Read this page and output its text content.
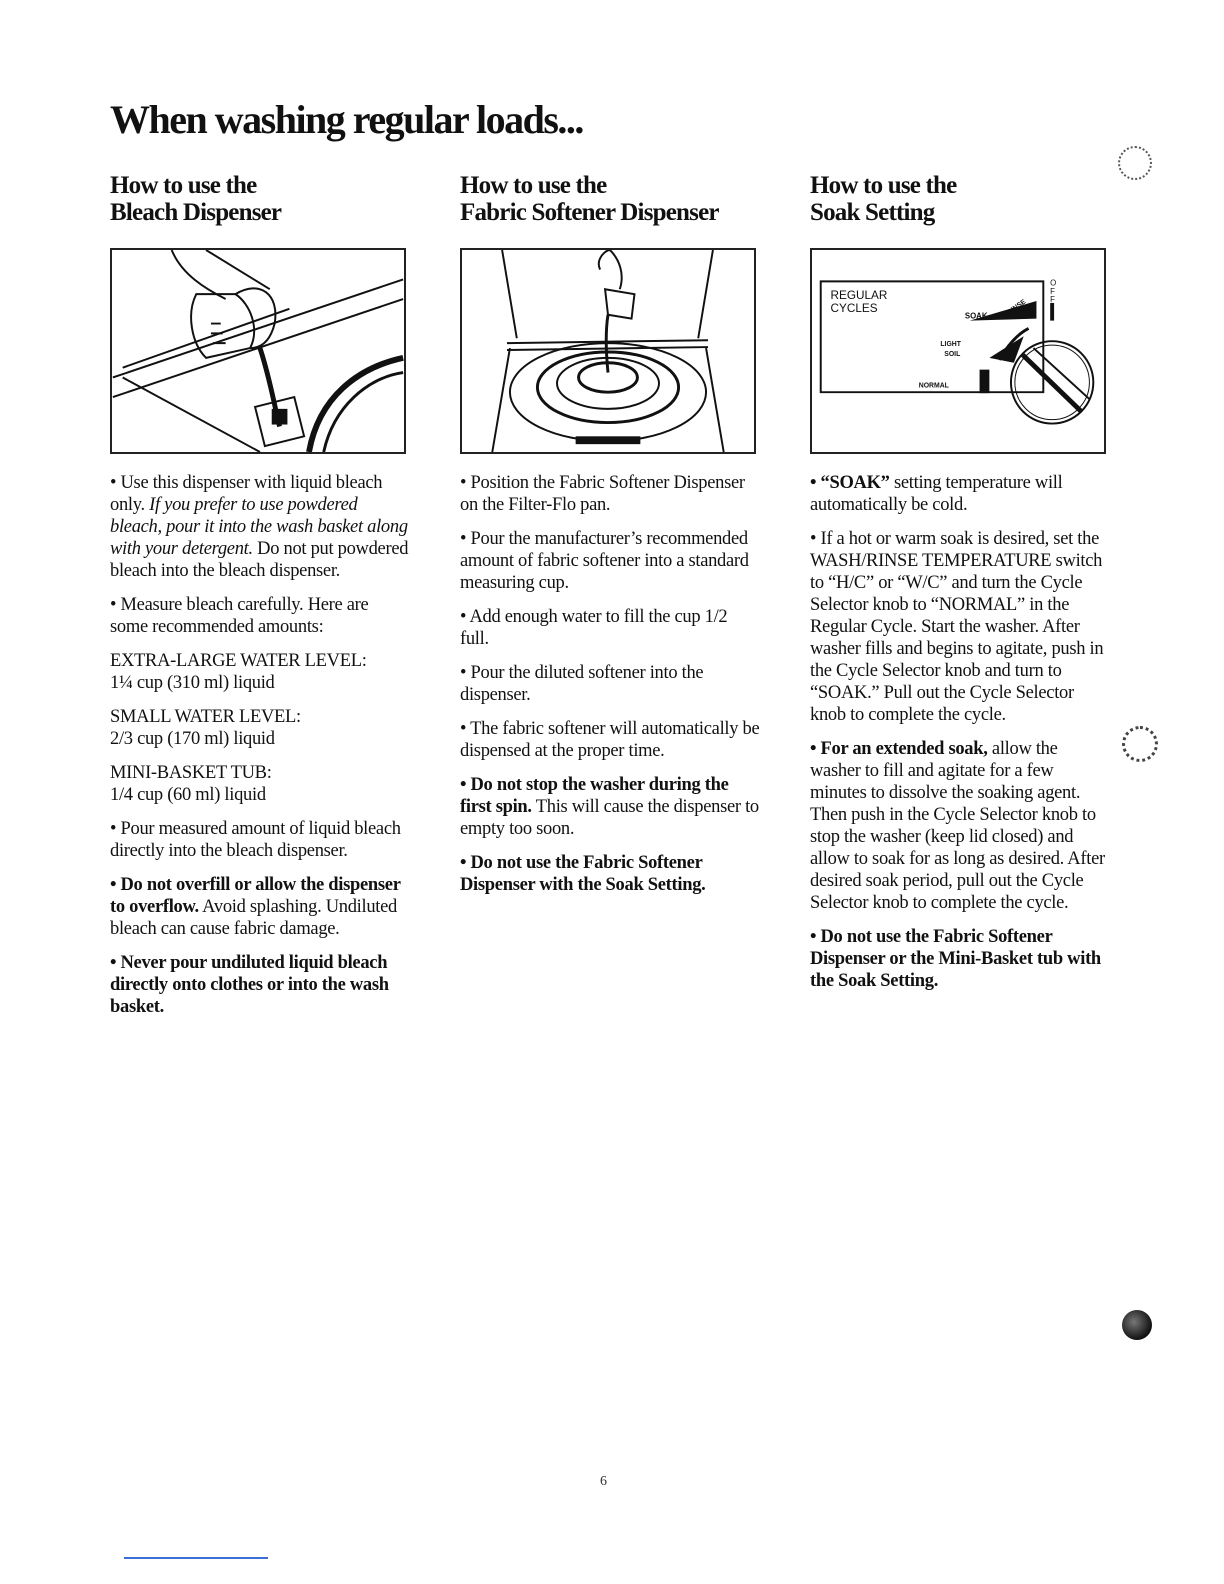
When washing regular loads...
How to use the
Bleach Dispenser

• Use this dispenser with liquid bleach only. If you prefer to use powdered bleach, pour it into the wash basket along with your detergent. Do not put powdered bleach into the bleach dispenser.

• Measure bleach carefully. Here are some recommended amounts:

EXTRA-LARGE WATER LEVEL:
1¼ cup (310 ml) liquid

SMALL WATER LEVEL:
2/3 cup (170 ml) liquid

MINI-BASKET TUB:
1/4 cup (60 ml) liquid

• Pour measured amount of liquid bleach directly into the bleach dispenser.

• Do not overfill or allow the dispenser to overflow. Avoid splashing. Undiluted bleach can cause fabric damage.

• Never pour undiluted liquid bleach directly onto clothes or into the wash basket.

How to use the
Fabric Softener Dispenser

• Position the Fabric Softener Dispenser on the Filter-Flo pan.

• Pour the manufacturer’s recommended amount of fabric softener into a standard measuring cup.

• Add enough water to fill the cup 1/2 full.

• Pour the diluted softener into the dispenser.

• The fabric softener will automatically be dispensed at the proper time.

• Do not stop the washer during the first spin. This will cause the dispenser to empty too soon.

• Do not use the Fabric Softener Dispenser with the Soak Setting.

How to use the
Soak Setting
REGULAR
CYCLES
SOAK	RINSE
LIGHT
SOIL
NORMAL
O
F
F

• “SOAK” setting temperature will automatically be cold.

• If a hot or warm soak is desired, set the WASH/RINSE TEMPERATURE switch to “H/C” or “W/C” and turn the Cycle Selector knob to “NORMAL” in the Regular Cycle. Start the washer. After washer fills and begins to agitate, push in the Cycle Selector knob and turn to “SOAK.” Pull out the Cycle Selector knob to complete the cycle.

• For an extended soak, allow the washer to fill and agitate for a few minutes to dissolve the soaking agent. Then push in the Cycle Selector knob to stop the washer (keep lid closed) and allow to soak for as long as desired. After desired soak period, pull out the Cycle Selector knob to complete the cycle.

• Do not use the Fabric Softener Dispenser or the Mini-Basket tub with the Soak Setting.

6
